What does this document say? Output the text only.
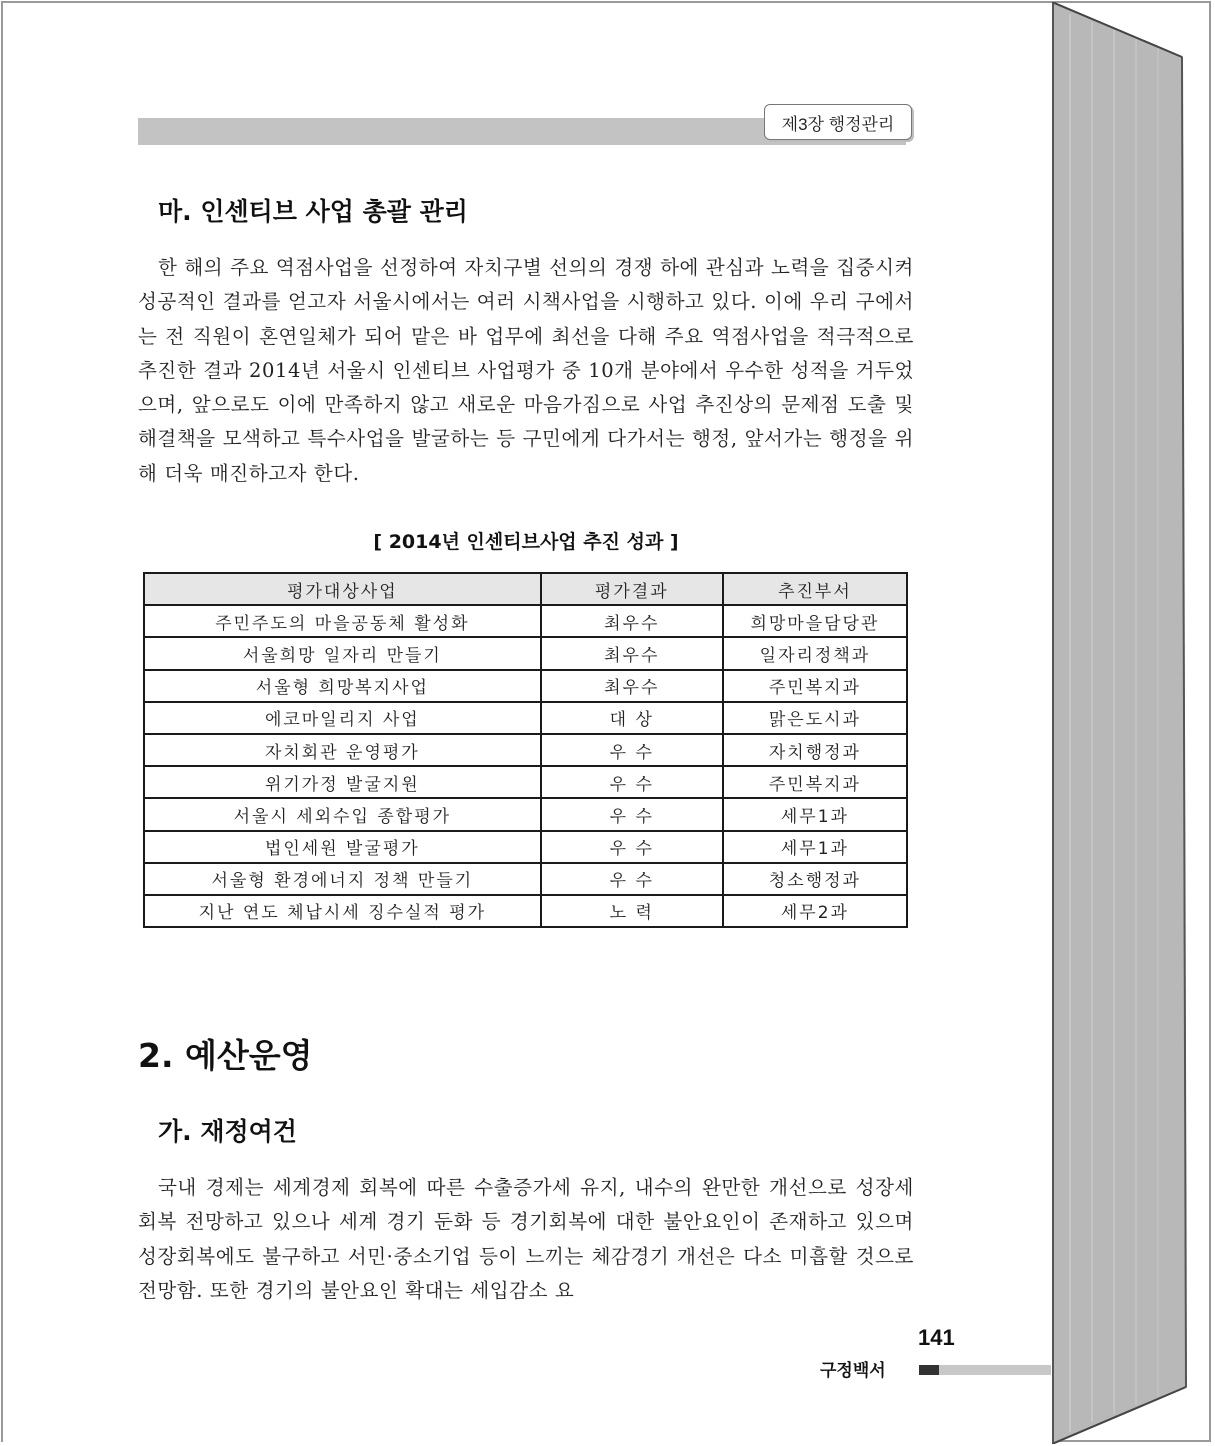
제3장 행정관리
마. 인센티브 사업 총괄 관리

한 해의 주요 역점사업을 선정하여 자치구별 선의의 경쟁 하에 관심과 노력을 집중시켜 성공적인 결과를 얻고자 서울시에서는 여러 시책사업을 시행하고 있다. 이에 우리 구에서는 전 직원이 혼연일체가 되어 맡은 바 업무에 최선을 다해 주요 역점사업을 적극적으로 추진한 결과 2014년 서울시 인센티브 사업평가 중 10개 분야에서 우수한 성적을 거두었으며, 앞으로도 이에 만족하지 않고 새로운 마음가짐으로 사업 추진상의 문제점 도출 및 해결책을 모색하고 특수사업을 발굴하는 등 구민에게 다가서는 행정, 앞서가는 행정을 위해 더욱 매진하고자 한다.

[ 2014년 인센티브사업 추진 성과 ]

평가대상사업	평가결과	추진부서
주민주도의 마을공동체 활성화	최우수	희망마을담당관
서울희망 일자리 만들기	최우수	일자리정책과
서울형 희망복지사업	최우수	주민복지과
에코마일리지 사업	대 상	맑은도시과
자치회관 운영평가	우 수	자치행정과
위기가정 발굴지원	우 수	주민복지과
서울시 세외수입 종합평가	우 수	세무1과
법인세원 발굴평가	우 수	세무1과
서울형 환경에너지 정책 만들기	우 수	청소행정과
지난 연도 체납시세 징수실적 평가	노 력	세무2과
2. 예산운영
가. 재정여건

국내 경제는 세계경제 회복에 따른 수출증가세 유지, 내수의 완만한 개선으로 성장세 회복 전망하고 있으나 세계 경기 둔화 등 경기회복에 대한 불안요인이 존재하고 있으며 성장회복에도 불구하고 서민·중소기업 등이 느끼는 체감경기 개선은 다소 미흡할 것으로 전망함. 또한 경기의 불안요인 확대는 세입감소 요

141
구정백서
